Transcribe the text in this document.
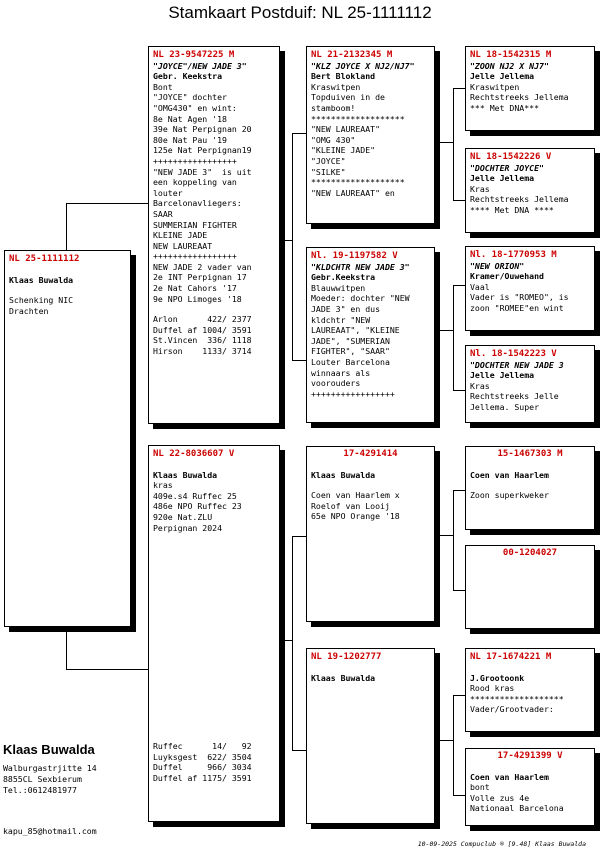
Stamkaart Postduif: NL 25-1111112
NL 25-1111112
Klaas Buwalda
Schenking NIC
Drachten
NL 23-9547225 M
"JOYCE"/NEW JADE 3"
Gebr. Keekstra
Bont
"JOYCE" dochter
"OMG430" en wint:
8e Nat Agen '18
39e Nat Perpignan 20
80e Nat Pau '19
125e Nat Perpignan19
+++++++++++++++++
"NEW JADE 3"  is uit
een koppeling van
louter
Barcelonavliegers:
SAAR
SUMMERIAN FIGHTER
KLEINE JADE
NEW LAUREAAT
+++++++++++++++++
NEW JADE 2 vader van
2e INT Perpignan 17
2e Nat Cahors '17
9e NPO Limoges '18
Arlon      422/ 2377
Duffel af 1004/ 3591
St.Vincen  336/ 1118
Hirson    1133/ 3714
NL 22-8036607 V
Klaas Buwalda
kras
409e.s4 Ruffec 25
486e NPO Ruffec 23
920e Nat.ZLU
Perpignan 2024
Ruffec      14/   92
Luyksgest  622/ 3504
Duffel     966/ 3034
Duffel af 1175/ 3591
NL 21-2132345 M
"KLZ JOYCE X NJ2/NJ7"
Bert Blokland
Kraswitpen
Topduiven in de
stamboom!
*******************
"NEW LAUREAAT"
"OMG 430"
"KLEINE JADE"
"JOYCE"
"SILKE"
*******************
"NEW LAUREAAT" en
Nl. 19-1197582 V
"KLDCHTR NEW JADE 3"
Gebr.Keekstra
Blauwwitpen
Moeder: dochter "NEW
JADE 3" en dus
kldchtr "NEW
LAUREAAT", "KLEINE
JADE", "SUMERIAN
FIGHTER", "SAAR"
Louter Barcelona
winnaars als
voorouders
+++++++++++++++++
17-4291414
Klaas Buwalda
Coen van Haarlem x
Roelof van Looij
65e NPO Orange '18
NL 19-1202777
Klaas Buwalda
NL 18-1542315 M
"ZOON NJ2 X NJ7"
Jelle Jellema
Kraswitpen
Rechtstreeks Jellema
*** Met DNA***
NL 18-1542226 V
"DOCHTER JOYCE"
Jelle Jellema
Kras
Rechtstreeks Jellema
**** Met DNA ****
Nl. 18-1770953 M
"NEW ORION"
Kramer/Ouwehand
Vaal
Vader is "ROMEO", is
zoon "ROMEE"en wint
Nl. 18-1542223 V
"DOCHTER NEW JADE 3
Jelle Jellema
Kras
Rechtstreeks Jelle
Jellema. Super
15-1467303 M
Coen van Haarlem
Zoon superkweker
00-1204027
NL 17-1674221 M
J.Grootoonk
Rood kras
*******************
Vader/Grootvader:
17-4291399 V
Coen van Haarlem
bont
Volle zus 4e
Nationaal Barcelona
Klaas Buwalda
Walburgastrjitte 14
8855CL Sexbierum
Tel.:0612481977
kapu_85@hotmail.com
10-09-2025 Compuclub ® [9.48] Klaas Buwalda
